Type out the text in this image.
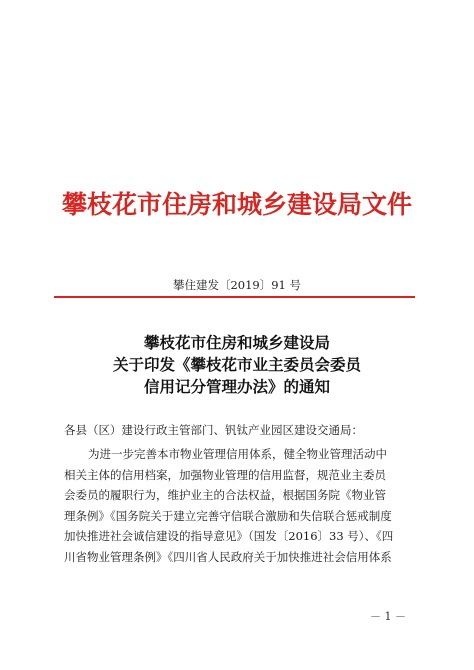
攀枝花市住房和城乡建设局文件
攀住建发〔2019〕91 号
攀枝花市住房和城乡建设局
关于印发《攀枝花市业主委员会委员
信用记分管理办法》的通知
各县（区）建设行政主管部门、钒钛产业园区建设交通局：
为进一步完善本市物业管理信用体系，健全物业管理活动中
相关主体的信用档案，加强物业管理的信用监督，规范业主委员
会委员的履职行为，维护业主的合法权益，根据国务院《物业管
理条例》《国务院关于建立完善守信联合激励和失信联合惩戒制度
加快推进社会诚信建设的指导意见》（国发〔2016〕33 号）、《四
川省物业管理条例》《四川省人民政府关于加快推进社会信用体系
－ 1 －
